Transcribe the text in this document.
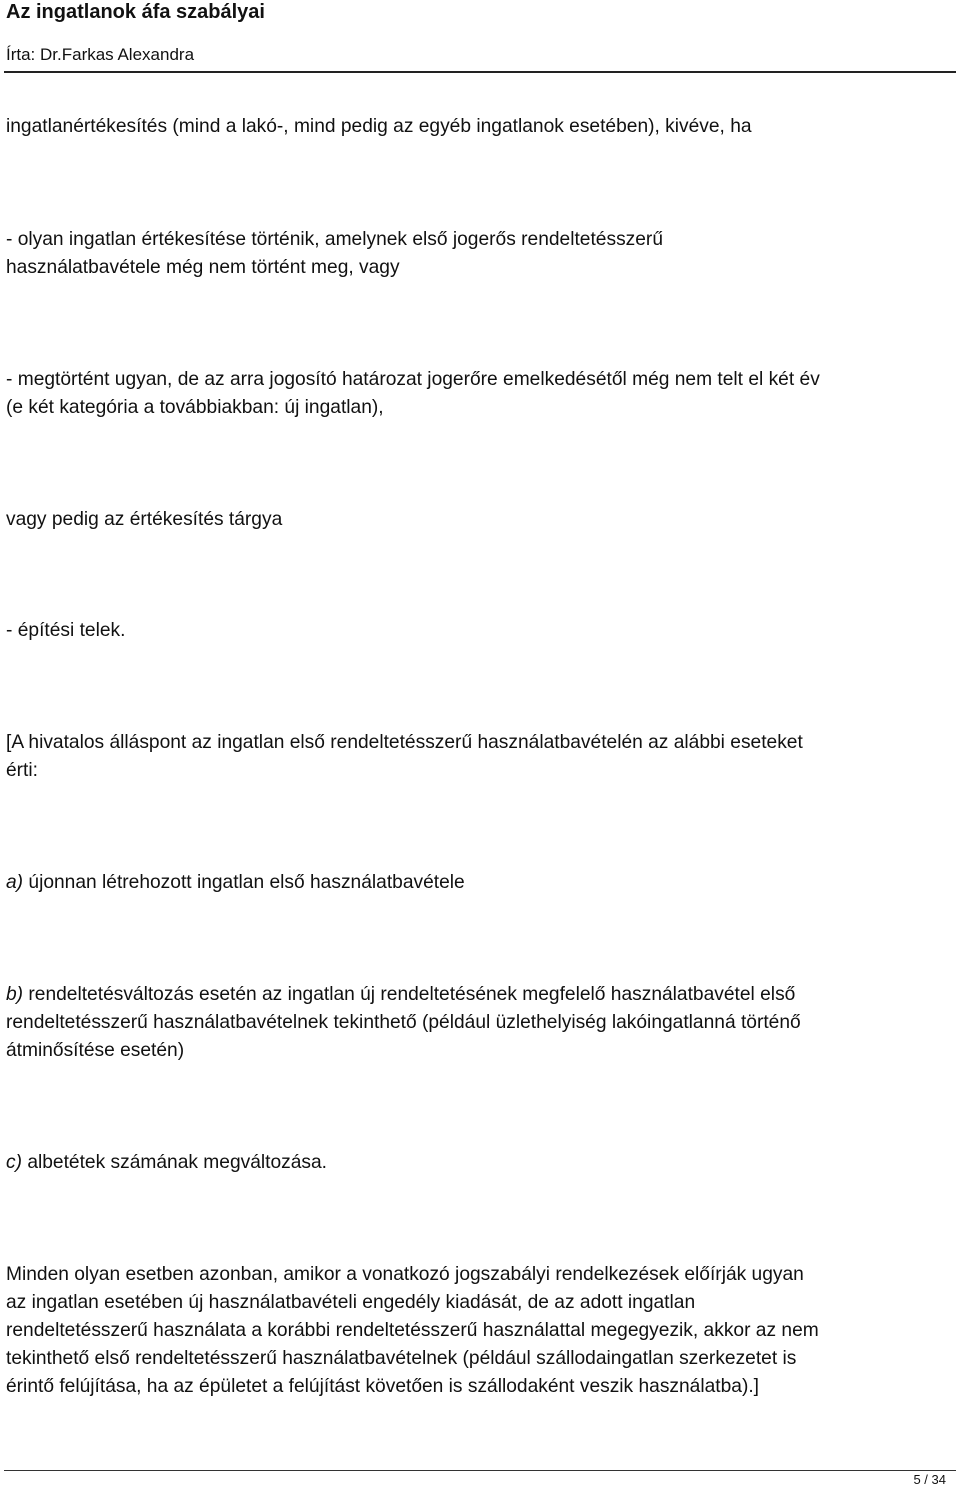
Az ingatlanok áfa szabályai

Írta: Dr.Farkas Alexandra

ingatlanértékesítés (mind a lakó-, mind pedig az egyéb ingatlanok esetében), kivéve, ha

- olyan ingatlan értékesítése történik, amelynek első jogerős rendeltetésszerű
használatbavétele még nem történt meg, vagy

- megtörtént ugyan, de az arra jogosító határozat jogerőre emelkedésétől még nem telt el két év
(e két kategória a továbbiakban: új ingatlan),

vagy pedig az értékesítés tárgya

- építési telek.

[A hivatalos álláspont az ingatlan első rendeltetésszerű használatbavételén az alábbi eseteket
érti:

a) újonnan létrehozott ingatlan első használatbavétele

b) rendeltetésváltozás esetén az ingatlan új rendeltetésének megfelelő használatbavétel első
rendeltetésszerű használatbavételnek tekinthető (például üzlethelyiség lakóingatlanná történő
átminősítése esetén)

c) albetétek számának megváltozása.

Minden olyan esetben azonban, amikor a vonatkozó jogszabályi rendelkezések előírják ugyan
az ingatlan esetében új használatbavételi engedély kiadását, de az adott ingatlan
rendeltetésszerű használata a korábbi rendeltetésszerű használattal megegyezik, akkor az nem
tekinthető első rendeltetésszerű használatbavételnek (például szállodaingatlan szerkezetet is
érintő felújítása, ha az épületet a felújítást követően is szállodaként veszik használatba).]

5 / 34
